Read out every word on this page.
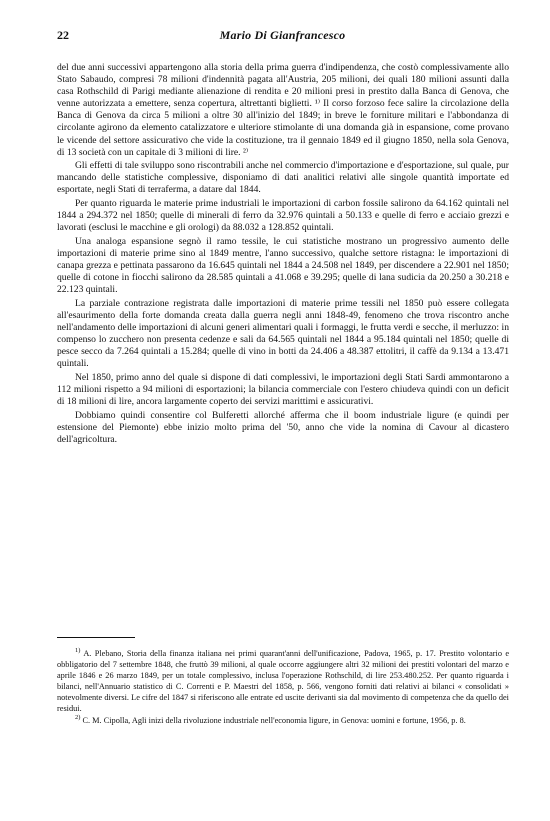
22	Mario Di Gianfrancesco

del due anni successivi appartengono alla storia della prima guerra d'indipendenza, che costò complessivamente allo Stato Sabaudo, compresi 78 milioni d'indennità pagata all'Austria, 205 milioni, dei quali 180 milioni assunti dalla casa Rothschild di Parigi mediante alienazione di rendita e 20 milioni presi in prestito dalla Banca di Genova, che venne autorizzata a emettere, senza copertura, altrettanti biglietti. ¹⁾ Il corso forzoso fece salire la circolazione della Banca di Genova da circa 5 milioni a oltre 30 all'inizio del 1849; in breve le forniture militari e l'abbondanza di circolante agirono da elemento catalizzatore e ulteriore stimolante di una domanda già in espansione, come provano le vicende del settore assicurativo che vide la costituzione, tra il gennaio 1849 ed il giugno 1850, nella sola Genova, di 13 società con un capitale di 3 milioni di lire. ²⁾

Gli effetti di tale sviluppo sono riscontrabili anche nel commercio d'importazione e d'esportazione, sul quale, pur mancando delle statistiche complessive, disponiamo di dati analitici relativi alle singole quantità importate ed esportate, negli Stati di terraferma, a datare dal 1844.

Per quanto riguarda le materie prime industriali le importazioni di carbon fossile salirono da 64.162 quintali nel 1844 a 294.372 nel 1850; quelle di minerali di ferro da 32.976 quintali a 50.133 e quelle di ferro e acciaio grezzi e lavorati (esclusi le macchine e gli orologi) da 88.032 a 128.852 quintali.

Una analoga espansione segnò il ramo tessile, le cui statistiche mostrano un progressivo aumento delle importazioni di materie prime sino al 1849 mentre, l'anno successivo, qualche settore ristagna: le importazioni di canapa grezza e pettinata passarono da 16.645 quintali nel 1844 a 24.508 nel 1849, per discendere a 22.901 nel 1850; quelle di cotone in fiocchi salirono da 28.585 quintali a 41.068 e 39.295; quelle di lana sudicia da 20.250 a 30.218 e 22.123 quintali.

La parziale contrazione registrata dalle importazioni di materie prime tessili nel 1850 può essere collegata all'esaurimento della forte domanda creata dalla guerra negli anni 1848-49, fenomeno che trova riscontro anche nell'andamento delle importazioni di alcuni generi alimentari quali i formaggi, le frutta verdi e secche, il merluzzo: in compenso lo zucchero non presenta cedenze e sali da 64.565 quintali nel 1844 a 95.184 quintali nel 1850; quelle di pesce secco da 7.264 quintali a 15.284; quelle di vino in botti da 24.406 a 48.387 ettolitri, il caffè da 9.134 a 13.471 quintali.

Nel 1850, primo anno del quale si dispone di dati complessivi, le importazioni degli Stati Sardi ammontarono a 112 milioni rispetto a 94 milioni di esportazioni; la bilancia commerciale con l'estero chiudeva quindi con un deficit di 18 milioni di lire, ancora largamente coperto dei servizi marittimi e assicurativi.

Dobbiamo quindi consentire col Bulferetti allorché afferma che il boom industriale ligure (e quindi per estensione del Piemonte) ebbe inizio molto prima del '50, anno che vide la nomina di Cavour al dicastero dell'agricoltura.

$^{1)}$ A. Plebano, Storia della finanza italiana nei primi quarant'anni dell'unificazione, Padova, 1965, p. 17. Prestito volontario e obbligatorio del 7 settembre 1848, che fruttò 39 milioni, al quale occorre aggiungere altri 32 milioni dei prestiti volontari del marzo e aprile 1846 e 26 marzo 1849, per un totale complessivo, inclusa l'operazione Rothschild, di lire 253.480.252. Per quanto riguarda i bilanci, nell'Annuario statistico di C. Correnti e P. Maestri del 1858, p. 566, vengono forniti dati relativi ai bilanci « consolidati » notevolmente diversi. Le cifre del 1847 si riferiscono alle entrate ed uscite derivanti sia dal movimento di competenza che da quello dei residui.

$^{2)}$ C. M. Cipolla, Agli inizi della rivoluzione industriale nell'economia ligure, in Genova: uomini e fortune, 1956, p. 8.
